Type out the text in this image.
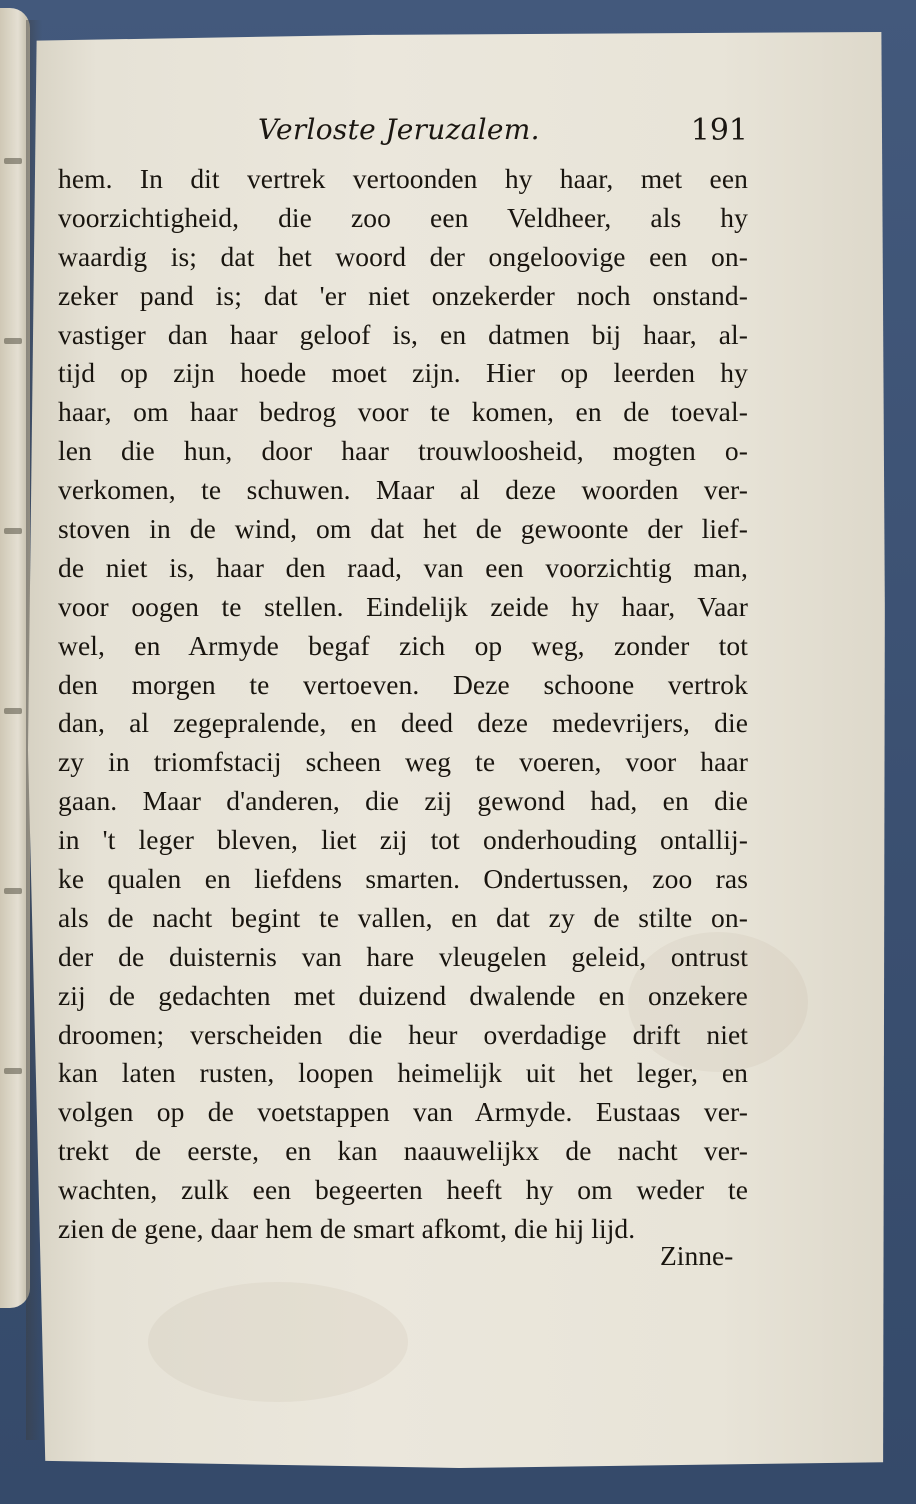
Verloste Jeruzalem.	191
hem. In dit vertrek vertoonden hy haar, met een
voorzichtigheid, die zoo een Veldheer, als hy
waardig is; dat het woord der ongeloovige een on-
zeker pand is; dat 'er niet onzekerder noch onstand-
vastiger dan haar geloof is, en datmen bij haar, al-
tijd op zijn hoede moet zijn. Hier op leerden hy
haar, om haar bedrog voor te komen, en de toeval-
len die hun, door haar trouwloosheid, mogten o-
verkomen, te schuwen. Maar al deze woorden ver-
stoven in de wind, om dat het de gewoonte der lief-
de niet is, haar den raad, van een voorzichtig man,
voor oogen te stellen. Eindelijk zeide hy haar, Vaar
wel, en Armyde begaf zich op weg, zonder tot
den morgen te vertoeven. Deze schoone vertrok
dan, al zegepralende, en deed deze medevrijers, die
zy in triomfstacij scheen weg te voeren, voor haar
gaan. Maar d'anderen, die zij gewond had, en die
in 't leger bleven, liet zij tot onderhouding ontallij-
ke qualen en liefdens smarten. Ondertussen, zoo ras
als de nacht begint te vallen, en dat zy de stilte on-
der de duisternis van hare vleugelen geleid, ontrust
zij de gedachten met duizend dwalende en onzekere
droomen; verscheiden die heur overdadige drift niet
kan laten rusten, loopen heimelijk uit het leger, en
volgen op de voetstappen van Armyde. Eustaas ver-
trekt de eerste, en kan naauwelijkx de nacht ver-
wachten, zulk een begeerten heeft hy om weder te
zien de gene, daar hem de smart afkomt, die hij lijd.
Zinne-
